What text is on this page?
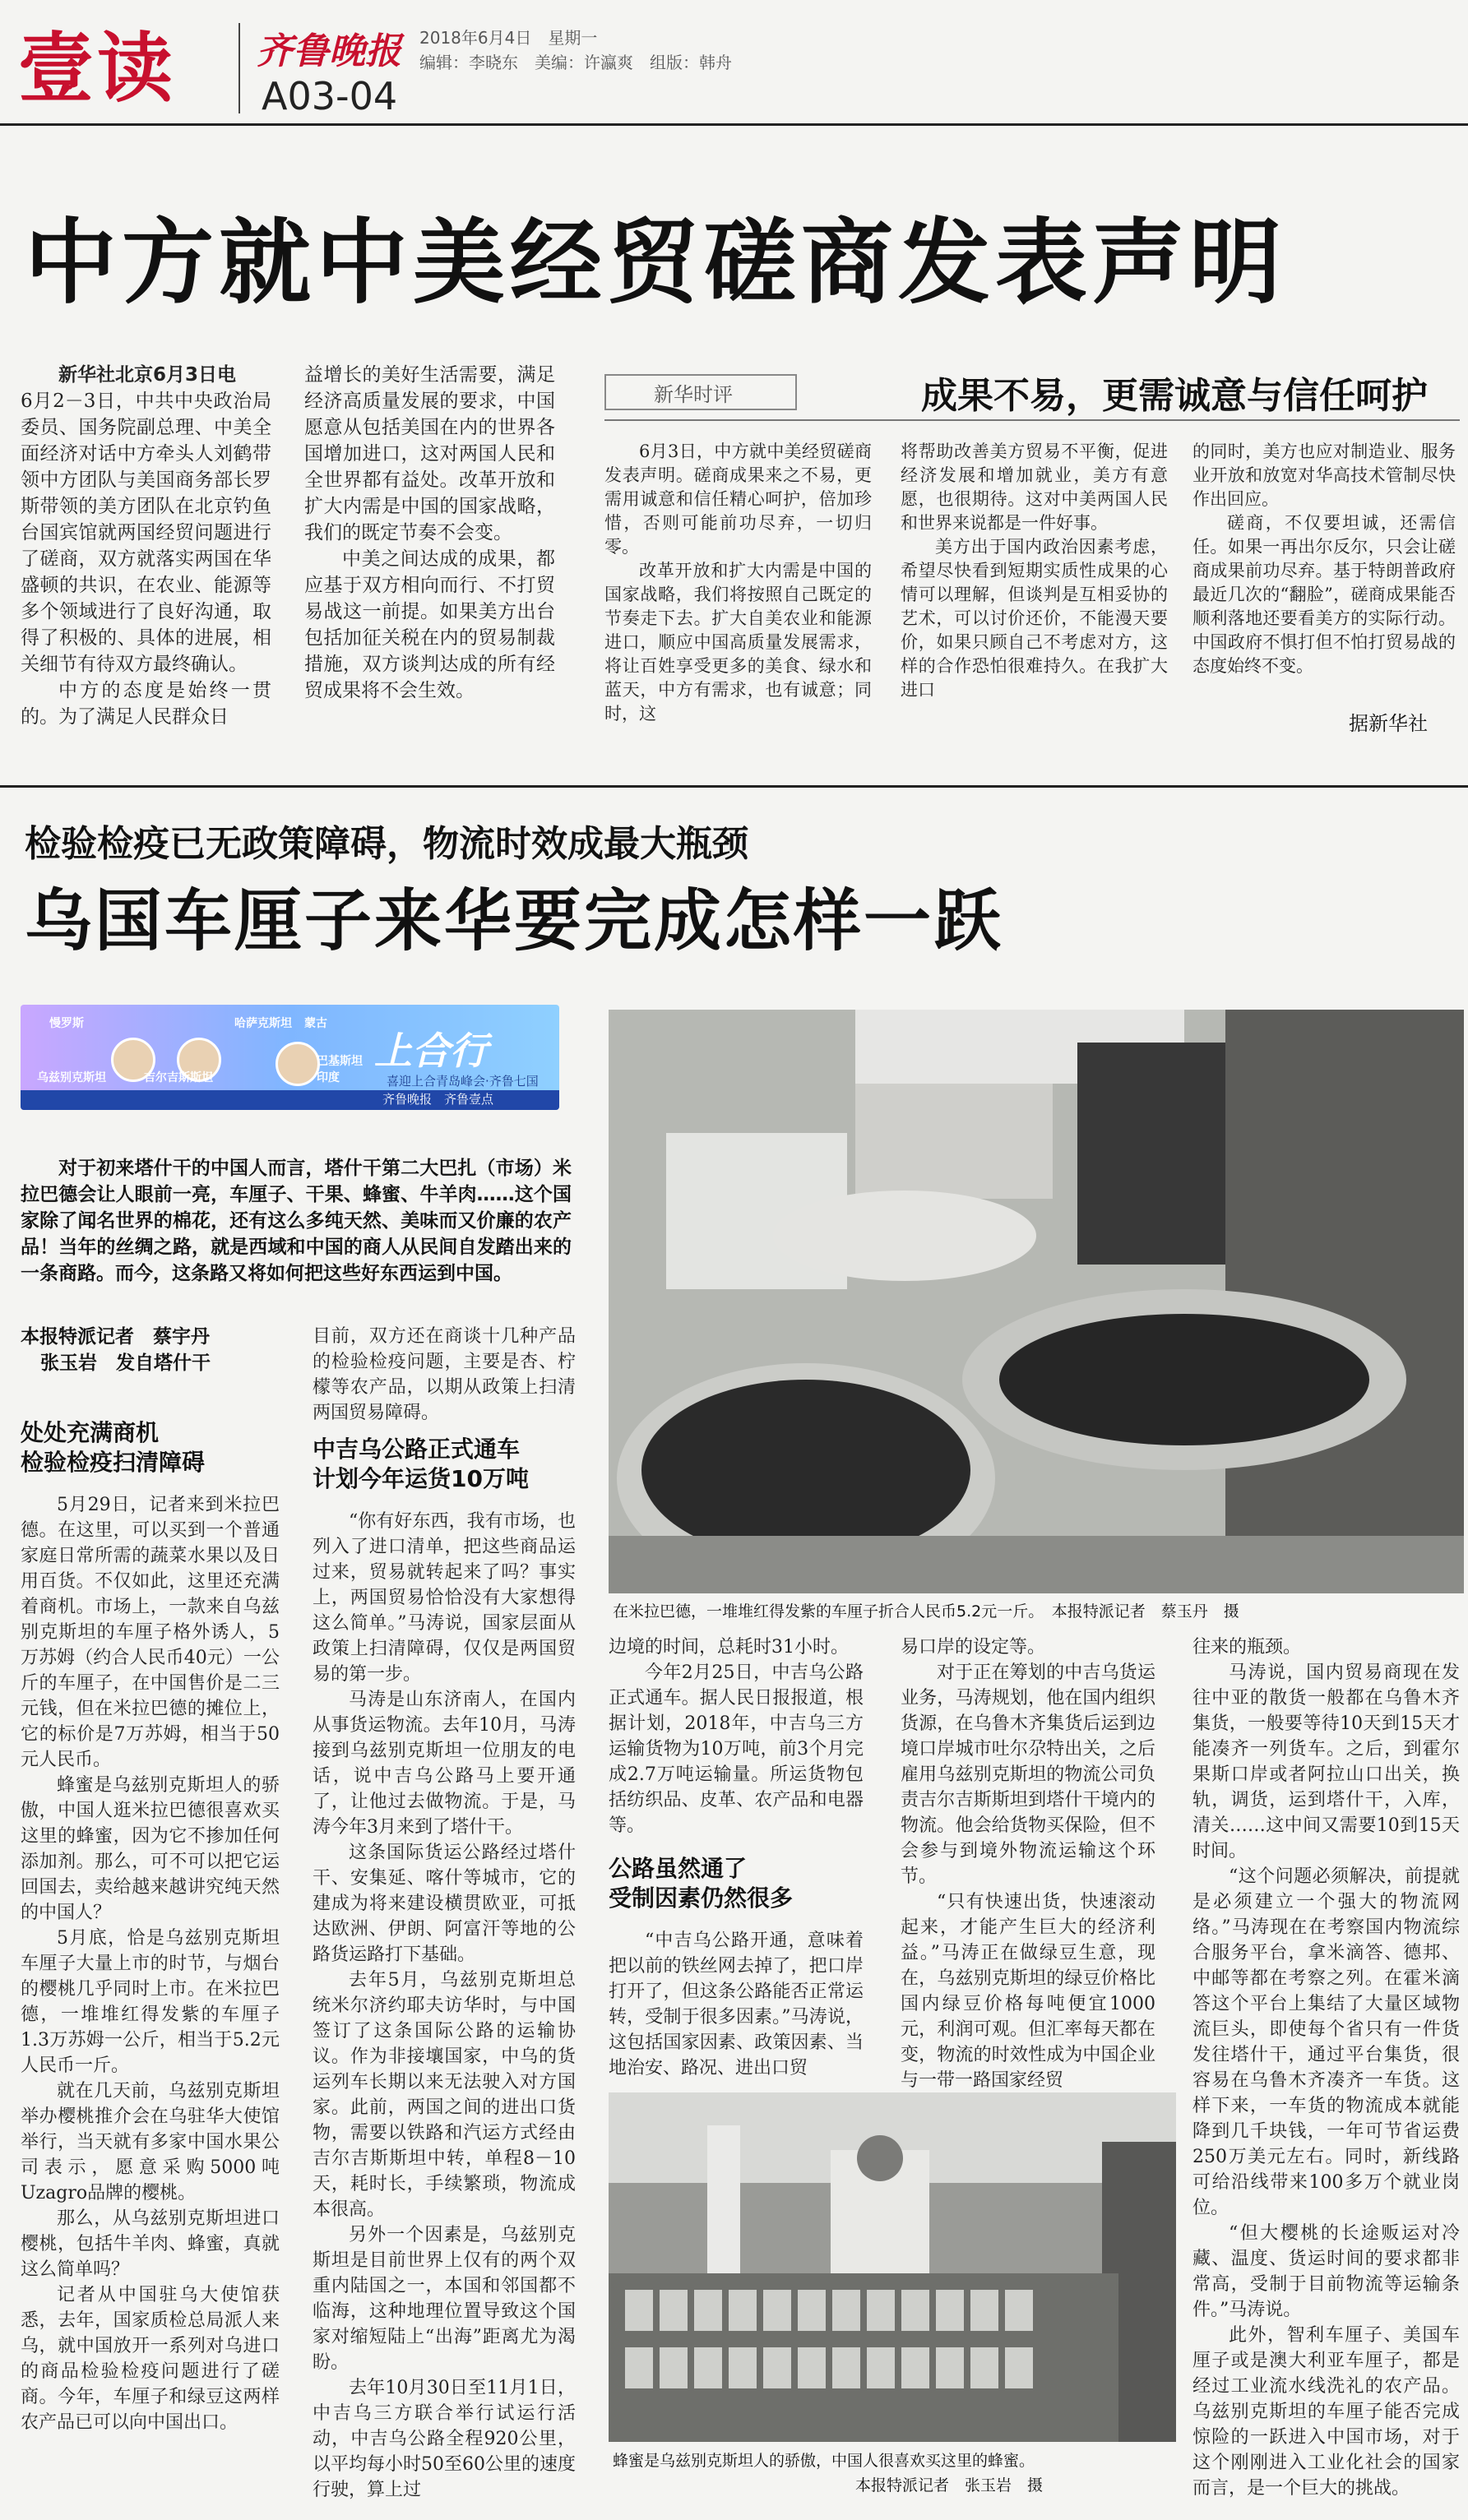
壹读 齐鲁晚报 2018年6月4日　星期一
编辑：李晓东　美编：许瀛爽　组版：韩舟
A03-04
中方就中美经贸磋商发表声明

新华社北京6月3日电

6月2－3日，中共中央政治局委员、国务院副总理、中美全面经济对话中方牵头人刘鹤带领中方团队与美国商务部长罗斯带领的美方团队在北京钓鱼台国宾馆就两国经贸问题进行了磋商，双方就落实两国在华盛顿的共识，在农业、能源等多个领域进行了良好沟通，取得了积极的、具体的进展，相关细节有待双方最终确认。

中方的态度是始终一贯的。为了满足人民群众日

益增长的美好生活需要，满足经济高质量发展的要求，中国愿意从包括美国在内的世界各国增加进口，这对两国人民和全世界都有益处。改革开放和扩大内需是中国的国家战略，我们的既定节奏不会变。

中美之间达成的成果，都应基于双方相向而行、不打贸易战这一前提。如果美方出台包括加征关税在内的贸易制裁措施，双方谈判达成的所有经贸成果将不会生效。

新华时评	成果不易，更需诚意与信任呵护

6月3日，中方就中美经贸磋商发表声明。磋商成果来之不易，更需用诚意和信任精心呵护，倍加珍惜，否则可能前功尽弃，一切归零。

改革开放和扩大内需是中国的国家战略，我们将按照自己既定的节奏走下去。扩大自美农业和能源进口，顺应中国高质量发展需求，将让百姓享受更多的美食、绿水和蓝天，中方有需求，也有诚意；同时，这

将帮助改善美方贸易不平衡，促进经济发展和增加就业，美方有意愿，也很期待。这对中美两国人民和世界来说都是一件好事。

美方出于国内政治因素考虑，希望尽快看到短期实质性成果的心情可以理解，但谈判是互相妥协的艺术，可以讨价还价，不能漫天要价，如果只顾自己不考虑对方，这样的合作恐怕很难持久。在我扩大进口

的同时，美方也应对制造业、服务业开放和放宽对华高技术管制尽快作出回应。

磋商，不仅要坦诚，还需信任。如果一再出尔反尔，只会让磋商成果前功尽弃。基于特朗普政府最近几次的“翻脸”，磋商成果能否顺利落地还要看美方的实际行动。中国政府不惧打但不怕打贸易战的态度始终不变。

据新华社
检验检疫已无政策障碍，物流时效成最大瓶颈
乌国车厘子来华要完成怎样一跃
慢罗斯	哈萨克斯坦 蒙古
乌兹别克斯坦	吉尔吉斯斯坦
巴基斯坦
印度
上合行
喜迎上合青岛峰会·齐鲁七国
齐鲁晚报　齐鲁壹点

对于初来塔什干的中国人而言，塔什干第二大巴扎（市场）米拉巴德会让人眼前一亮，车厘子、干果、蜂蜜、牛羊肉……这个国家除了闻名世界的棉花，还有这么多纯天然、美味而又价廉的农产品！当年的丝绸之路，就是西域和中国的商人从民间自发踏出来的一条商路。而今，这条路又将如何把这些好东西运到中国。

本报特派记者　蔡宇丹
张玉岩　发自塔什干
在米拉巴德，一堆堆红得发紫的车厘子折合人民币5.2元一斤。　本报特派记者　蔡玉丹　摄
处处充满商机
检验检疫扫清障碍

5月29日，记者来到米拉巴德。在这里，可以买到一个普通家庭日常所需的蔬菜水果以及日用百货。不仅如此，这里还充满着商机。市场上，一款来自乌兹别克斯坦的车厘子格外诱人，5万苏姆（约合人民币40元）一公斤的车厘子，在中国售价是二三元钱，但在米拉巴德的摊位上，它的标价是7万苏姆，相当于50元人民币。

蜂蜜是乌兹别克斯坦人的骄傲，中国人逛米拉巴德很喜欢买这里的蜂蜜，因为它不掺加任何添加剂。那么，可不可以把它运回国去，卖给越来越讲究纯天然的中国人？

5月底，恰是乌兹别克斯坦车厘子大量上市的时节，与烟台的樱桃几乎同时上市。在米拉巴德，一堆堆红得发紫的车厘子1.3万苏姆一公斤，相当于5.2元人民币一斤。

就在几天前，乌兹别克斯坦举办樱桃推介会在乌驻华大使馆举行，当天就有多家中国水果公司表示，愿意采购5000吨Uzagro品牌的樱桃。

那么，从乌兹别克斯坦进口樱桃，包括牛羊肉、蜂蜜，真就这么简单吗？

记者从中国驻乌大使馆获悉，去年，国家质检总局派人来乌，就中国放开一系列对乌进口的商品检验检疫问题进行了磋商。今年，车厘子和绿豆这两样农产品已可以向中国出口。

目前，双方还在商谈十几种产品的检验检疫问题，主要是杏、柠檬等农产品，以期从政策上扫清两国贸易障碍。

中吉乌公路正式通车
计划今年运货10万吨

“你有好东西，我有市场，也列入了进口清单，把这些商品运过来，贸易就转起来了吗？事实上，两国贸易恰恰没有大家想得这么简单。”马涛说，国家层面从政策上扫清障碍，仅仅是两国贸易的第一步。

马涛是山东济南人，在国内从事货运物流。去年10月，马涛接到乌兹别克斯坦一位朋友的电话，说中吉乌公路马上要开通了，让他过去做物流。于是，马涛今年3月来到了塔什干。

这条国际货运公路经过塔什干、安集延、喀什等城市，它的建成为将来建设横贯欧亚，可抵达欧洲、伊朗、阿富汗等地的公路货运路打下基础。

去年5月，乌兹别克斯坦总统米尔济约耶夫访华时，与中国签订了这条国际公路的运输协议。作为非接壤国家，中乌的货运列车长期以来无法驶入对方国家。此前，两国之间的进出口货物，需要以铁路和汽运方式经由吉尔吉斯斯坦中转，单程8－10天，耗时长，手续繁琐，物流成本很高。

另外一个因素是，乌兹别克斯坦是目前世界上仅有的两个双重内陆国之一，本国和邻国都不临海，这种地理位置导致这个国家对缩短陆上“出海”距离尤为渴盼。

去年10月30日至11月1日，中吉乌三方联合举行试运行活动，中吉乌公路全程920公里，以平均每小时50至60公里的速度行驶，算上过

边境的时间，总耗时31小时。

今年2月25日，中吉乌公路正式通车。据人民日报报道，根据计划，2018年，中吉乌三方运输货物为10万吨，前3个月完成2.7万吨运输量。所运货物包括纺织品、皮革、农产品和电器等。

公路虽然通了
受制因素仍然很多

“中吉乌公路开通，意味着把以前的铁丝网去掉了，把口岸打开了，但这条公路能否正常运转，受制于很多因素。”马涛说，这包括国家因素、政策因素、当地治安、路况、进出口贸

易口岸的设定等。

对于正在筹划的中吉乌货运业务，马涛规划，他在国内组织货源，在乌鲁木齐集货后运到边境口岸城市吐尔尕特出关，之后雇用乌兹别克斯坦的物流公司负责吉尔吉斯斯坦到塔什干境内的物流。他会给货物买保险，但不会参与到境外物流运输这个环节。

“只有快速出货，快速滚动起来，才能产生巨大的经济利益。”马涛正在做绿豆生意，现在，乌兹别克斯坦的绿豆价格比国内绿豆价格每吨便宜1000元，利润可观。但汇率每天都在变，物流的时效性成为中国企业与一带一路国家经贸

往来的瓶颈。

马涛说，国内贸易商现在发往中亚的散货一般都在乌鲁木齐集货，一般要等待10天到15天才能凑齐一列货车。之后，到霍尔果斯口岸或者阿拉山口出关，换轨，调货，运到塔什干，入库，清关……这中间又需要10到15天时间。

“这个问题必须解决，前提就是必须建立一个强大的物流网络。”马涛现在在考察国内物流综合服务平台，拿米滴答、德邦、中邮等都在考察之列。在霍米滴答这个平台上集结了大量区域物流巨头，即使每个省只有一件货发往塔什干，通过平台集货，很容易在乌鲁木齐凑齐一车货。这样下来，一车货的物流成本就能降到几千块钱，一年可节省运费250万美元左右。同时，新线路可给沿线带来100多万个就业岗位。

“但大樱桃的长途贩运对冷藏、温度、货运时间的要求都非常高，受制于目前物流等运输条件。”马涛说。

此外，智利车厘子、美国车厘子或是澳大利亚车厘子，都是经过工业流水线洗礼的农产品。乌兹别克斯坦的车厘子能否完成惊险的一跃进入中国市场，对于这个刚刚进入工业化社会的国家而言，是一个巨大的挑战。

蜂蜜是乌兹别克斯坦人的骄傲，中国人很喜欢买这里的蜂蜜。
本报特派记者　张玉岩　摄
